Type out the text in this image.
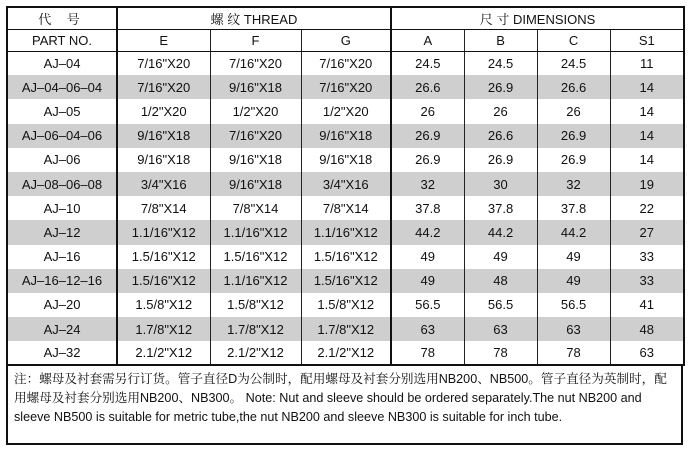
代 号	螺 纹 THREAD			尺 寸 DIMENSIONS			
PART NO.	E	F	G	A	B	C	S1
AJ–04	7/16"X20	7/16"X20	7/16"X20	24.5	24.5	24.5	11
AJ–04–06–04	7/16"X20	9/16"X18	7/16"X20	26.6	26.9	26.6	14
AJ–05	1/2"X20	1/2"X20	1/2"X20	26	26	26	14
AJ–06–04–06	9/16"X18	7/16"X20	9/16"X18	26.9	26.6	26.9	14
AJ–06	9/16"X18	9/16"X18	9/16"X18	26.9	26.9	26.9	14
AJ–08–06–08	3/4"X16	9/16"X18	3/4"X16	32	30	32	19
AJ–10	7/8"X14	7/8"X14	7/8"X14	37.8	37.8	37.8	22
AJ–12	1.1/16"X12	1.1/16"X12	1.1/16"X12	44.2	44.2	44.2	27
AJ–16	1.5/16"X12	1.5/16"X12	1.5/16"X12	49	49	49	33
AJ–16–12–16	1.5/16"X12	1.1/16"X12	1.5/16"X12	49	48	49	33
AJ–20	1.5/8"X12	1.5/8"X12	1.5/8"X12	56.5	56.5	56.5	41
AJ–24	1.7/8"X12	1.7/8"X12	1.7/8"X12	63	63	63	48
AJ–32	2.1/2"X12	2.1/2"X12	2.1/2"X12	78	78	78	63
注：螺母及衬套需另行订货。管子直径D为公制时，配用螺母及衬套分别选用NB200、NB500。管子直径为英制时，配用螺母及衬套分别选用NB200、NB300。 Note: Nut and sleeve should be ordered separately.The nut NB200 and sleeve NB500 is suitable for metric tube,the nut NB200 and sleeve NB300 is suitable for inch tube.
